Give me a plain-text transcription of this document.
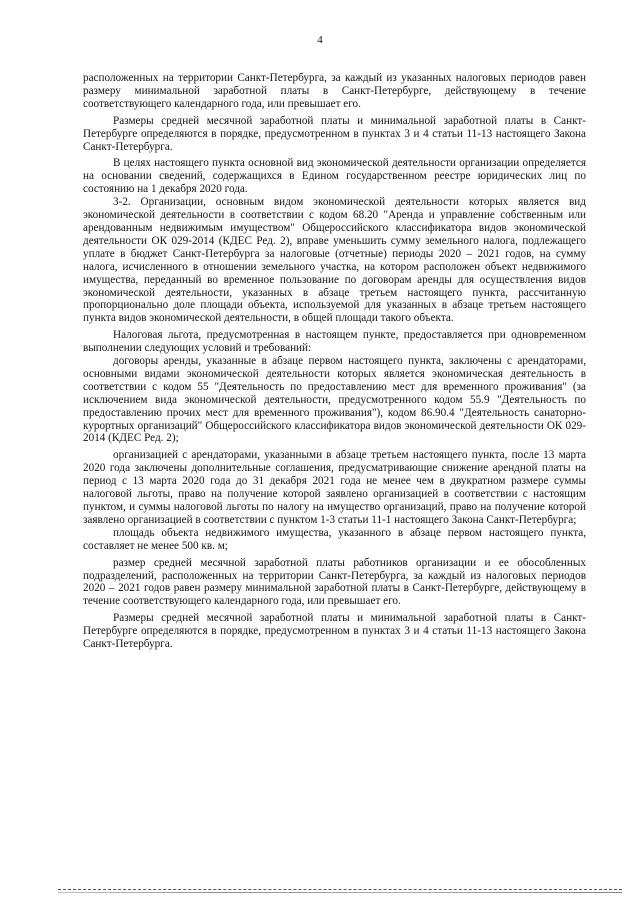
4

расположенных на территории Санкт-Петербурга, за каждый из указанных налоговых периодов равен размеру минимальной заработной платы в Санкт-Петербурге, действующему в течение соответствующего календарного года, или превышает его.

Размеры средней месячной заработной платы и минимальной заработной платы в Санкт-Петербурге определяются в порядке, предусмотренном в пунктах 3 и 4 статьи 11-13 настоящего Закона Санкт-Петербурга.

В целях настоящего пункта основной вид экономической деятельности организации определяется на основании сведений, содержащихся в Едином государственном реестре юридических лиц по состоянию на 1 декабря 2020 года.

3-2. Организации, основным видом экономической деятельности которых является вид экономической деятельности в соответствии с кодом 68.20 "Аренда и управление собственным или арендованным недвижимым имуществом" Общероссийского классификатора видов экономической деятельности ОК 029-2014 (КДЕС Ред. 2), вправе уменьшить сумму земельного налога, подлежащего уплате в бюджет Санкт-Петербурга за налоговые (отчетные) периоды 2020 – 2021 годов, на сумму налога, исчисленного в отношении земельного участка, на котором расположен объект недвижимого имущества, переданный во временное пользование по договорам аренды для осуществления видов экономической деятельности, указанных в абзаце третьем настоящего пункта, рассчитанную пропорционально доле площади объекта, используемой для указанных в абзаце третьем настоящего пункта видов экономической деятельности, в общей площади такого объекта.

Налоговая льгота, предусмотренная в настоящем пункте, предоставляется при одновременном выполнении следующих условий и требований:

договоры аренды, указанные в абзаце первом настоящего пункта, заключены с арендаторами, основными видами экономической деятельности которых является экономическая деятельность в соответствии с кодом 55 "Деятельность по предоставлению мест для временного проживания" (за исключением вида экономической деятельности, предусмотренного кодом 55.9 "Деятельность по предоставлению прочих мест для временного проживания"), кодом 86.90.4 "Деятельность санаторно-курортных организаций" Общероссийского классификатора видов экономической деятельности ОК 029-2014 (КДЕС Ред. 2);

организацией с арендаторами, указанными в абзаце третьем настоящего пункта, после 13 марта 2020 года заключены дополнительные соглашения, предусматривающие снижение арендной платы на период с 13 марта 2020 года до 31 декабря 2021 года не менее чем в двукратном размере суммы налоговой льготы, право на получение которой заявлено организацией в соответствии с настоящим пунктом, и суммы налоговой льготы по налогу на имущество организаций, право на получение которой заявлено организацией в соответствии с пунктом 1-3 статьи 11-1 настоящего Закона Санкт-Петербурга;

площадь объекта недвижимого имущества, указанного в абзаце первом настоящего пункта, составляет не менее 500 кв. м;

размер средней месячной заработной платы работников организации и ее обособленных подразделений, расположенных на территории Санкт-Петербурга, за каждый из налоговых периодов 2020 – 2021 годов равен размеру минимальной заработной платы в Санкт-Петербурге, действующему в течение соответствующего календарного года, или превышает его.

Размеры средней месячной заработной платы и минимальной заработной платы в Санкт-Петербурге определяются в порядке, предусмотренном в пунктах 3 и 4 статьи 11-13 настоящего Закона Санкт-Петербурга.
